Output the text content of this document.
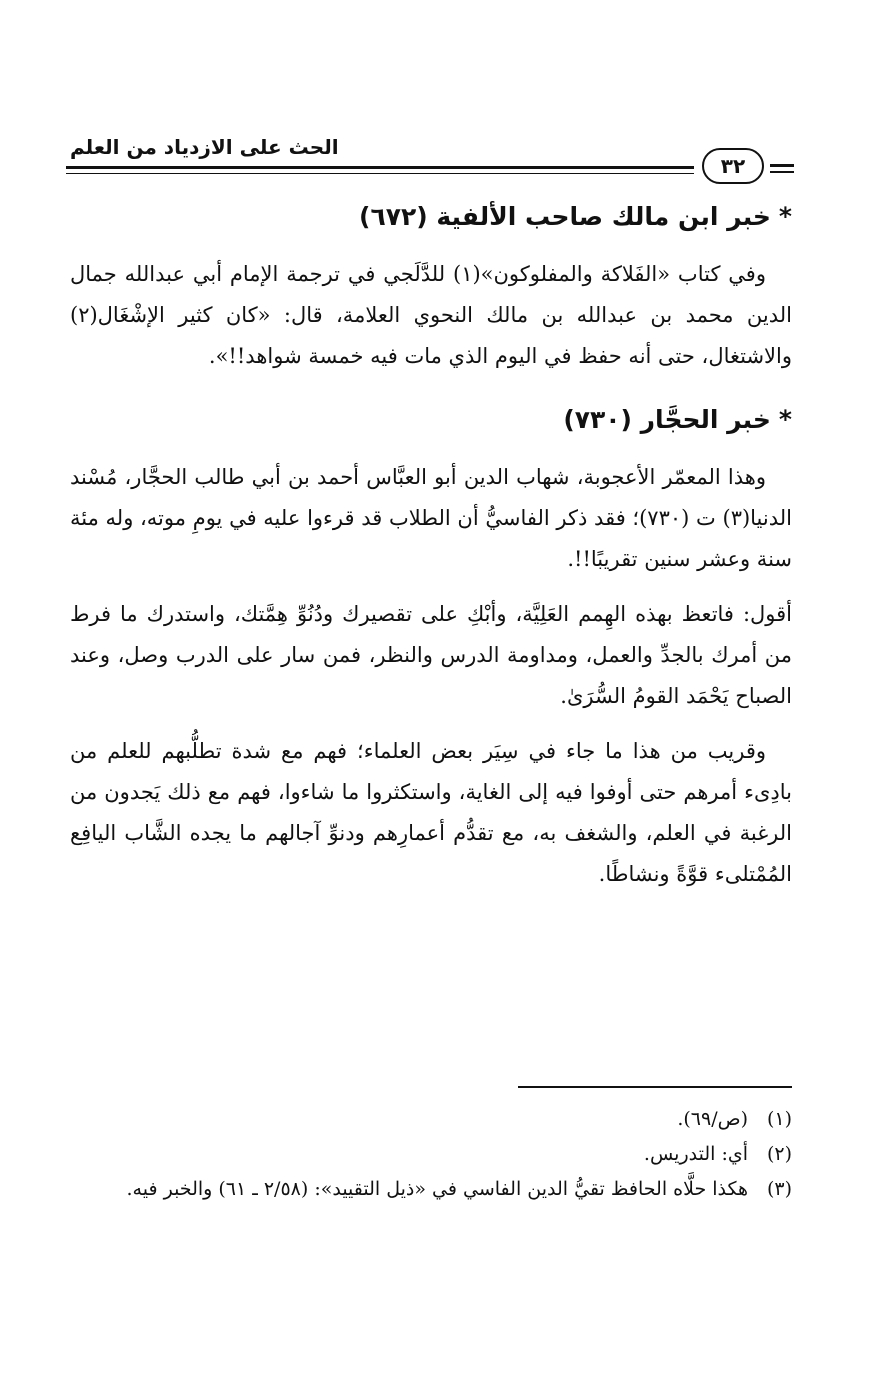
الحث على الازدياد من العلم
٣٢
*خبر ابن مالك صاحب الألفية (٦٧٢)

وفي كتاب «الفَلاكة والمفلوكون»(١) للدَّلَجي في ترجمة الإمام أبي عبدالله جمال الدين محمد بن عبدالله بن مالك النحوي العلامة، قال: «كان كثير الإشْغَال(٢) والاشتغال، حتى أنه حفظ في اليوم الذي مات فيه خمسة شواهد!!».

*خبر الحجَّار (٧٣٠)

وهذا المعمّر الأعجوبة، شهاب الدين أبو العبَّاس أحمد بن أبي طالب الحجَّار، مُسْند الدنيا(٣) ت (٧٣٠)؛ فقد ذكر الفاسيُّ أن الطلاب قد قرءوا عليه في يومِ موته، وله مئة سنة وعشر سنين تقريبًا!!.

أقول: فاتعظ بهذه الهِمم العَلِيَّة، وأبْكِ على تقصيرك ودُنُوِّ هِمَّتك، واستدرك ما فرط من أمرك بالجدِّ والعمل، ومداومة الدرس والنظر، فمن سار على الدرب وصل، وعند الصباح يَحْمَد القومُ السُّرَىٰ.

وقريب من هذا ما جاء في سِيَر بعض العلماء؛ فهم مع شدة تطلُّبهم للعلم من بادِىء أمرهم حتى أوفوا فيه إلى الغاية، واستكثروا ما شاءوا، فهم مع ذلك يَجدون من الرغبة في العلم، والشغف به، مع تقدُّم أعمارِهم ودنوِّ آجالهم ما يجده الشَّاب اليافِع المُمْتلىء قوَّةً ونشاطًا.

(١)
(ص/٦٩).
(٢)
أي: التدريس.
(٣)
هكذا حلَّاه الحافظ تقيُّ الدين الفاسي في «ذيل التقييد»: (٢/٥٨ ـ ٦١) والخبر فيه.
